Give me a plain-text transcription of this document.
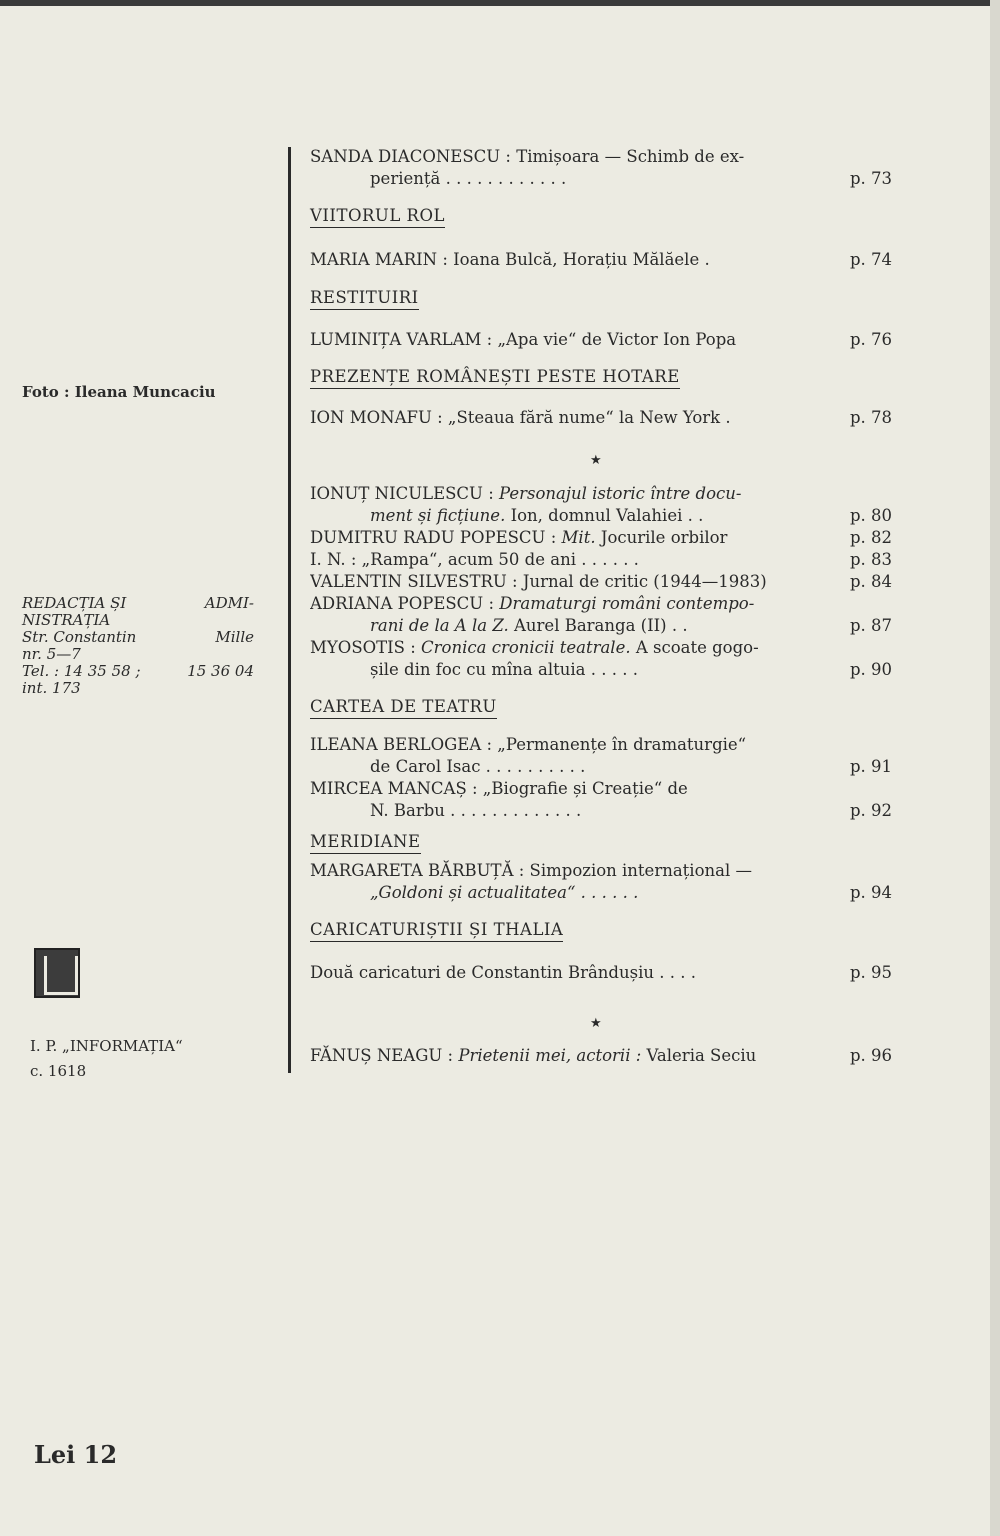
Foto : Ileana Muncaciu
REDACȚIA ȘI	ADMI-
NISTRAȚIA
Str. Constantin	Mille
nr. 5—7
Tel. : 14 35 58 ;	15 36 04
int. 173
I. P. „INFORMAȚIA“
c. 1618
Lei 12
SANDA DIACONESCU : Timișoara — Schimb de ex-
periență . . . . . . . . . . . .	p. 73
VIITORUL ROL
MARIA MARIN : Ioana Bulcă, Horațiu Mălăele .	p. 74
RESTITUIRI
LUMINIȚA VARLAM : „Apa vie“ de Victor Ion Popa	p. 76
PREZENȚE ROMÂNEȘTI PESTE HOTARE
ION MONAFU : „Steaua fără nume“ la New York .	p. 78
★
IONUȚ NICULESCU : Personajul istoric între docu-
ment și ficțiune. Ion, domnul Valahiei . .	p. 80
DUMITRU RADU POPESCU : Mit. Jocurile orbilor	p. 82
I. N. : „Rampa“, acum 50 de ani . . . . . .	p. 83
VALENTIN SILVESTRU : Jurnal de critic (1944—1983)	p. 84
ADRIANA POPESCU : Dramaturgi români contempo-
rani de la A la Z. Aurel Baranga (II) . .	p. 87
MYOSOTIS : Cronica cronicii teatrale. A scoate gogo-
șile din foc cu mîna altuia . . . . .	p. 90
CARTEA DE TEATRU
ILEANA BERLOGEA : „Permanențe în dramaturgie“
de Carol Isac . . . . . . . . . .	p. 91
MIRCEA MANCAȘ : „Biografie și Creație“ de
N. Barbu . . . . . . . . . . . . .	p. 92
MERIDIANE
MARGARETA BĂRBUȚĂ : Simpozion internațional —
„Goldoni și actualitatea“ . . . . . .	p. 94
CARICATURIȘTII ȘI THALIA
Două caricaturi de Constantin Brândușiu . . . .	p. 95
★
FĂNUȘ NEAGU : Prietenii mei, actorii : Valeria Seciu	p. 96
